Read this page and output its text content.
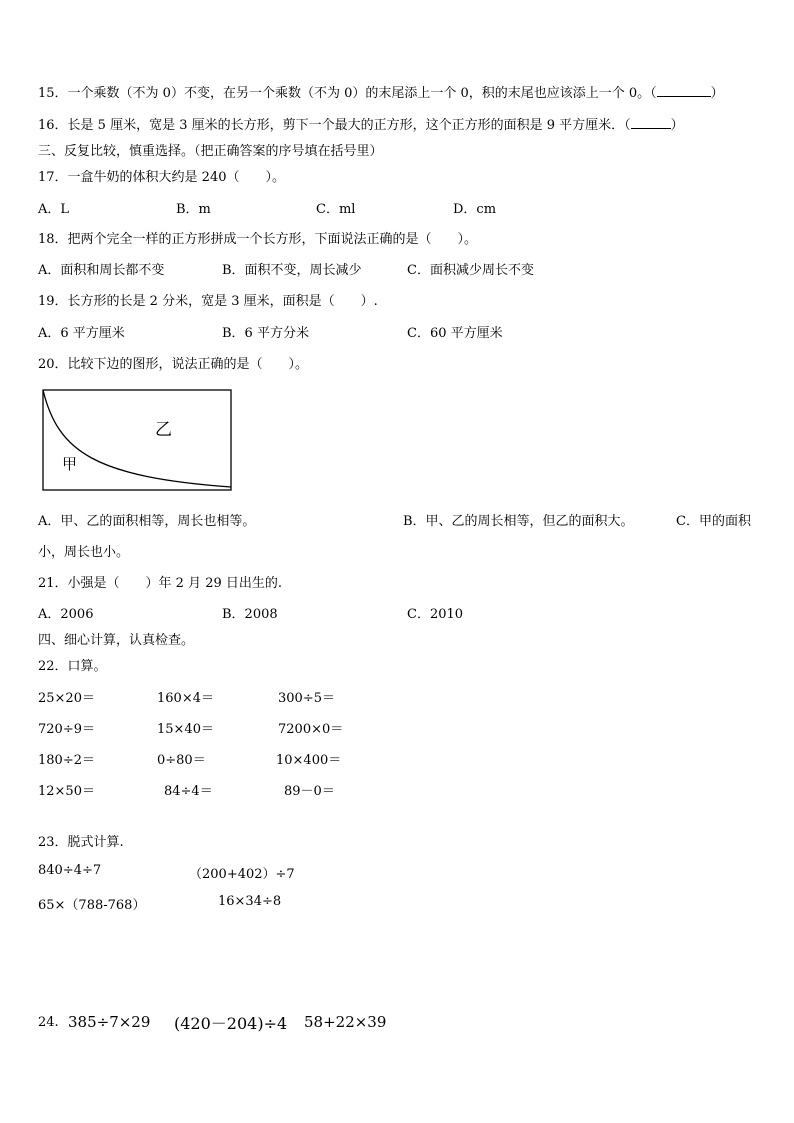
15．一个乘数（不为 0）不变，在另一个乘数（不为 0）的末尾添上一个 0，积的末尾也应该添上一个 0。（	）
16．长是 5 厘米，宽是 3 厘米的长方形，剪下一个最大的正方形，这个正方形的面积是 9 平方厘米．（	）
三、反复比较，慎重选择。（把正确答案的序号填在括号里）
17．一盒牛奶的体积大约是 240（　　）。
A．L	B．m	C．ml	D．cm
18．把两个完全一样的正方形拼成一个长方形，下面说法正确的是（　　）。
A．面积和周长都不变	B．面积不变，周长减少	C．面积减少周长不变
19．长方形的长是 2 分米，宽是 3 厘米，面积是（　　）.
A．6 平方厘米	B．6 平方分米	C．60 平方厘米
20．比较下边的图形，说法正确的是（　　）。
乙
甲
A．甲、乙的面积相等，周长也相等。	B．甲、乙的周长相等，但乙的面积大。	C．甲的面积
小，周长也小。
21．小强是（　　）年 2 月 29 日出生的.
A．2006	B．2008	C．2010
四、细心计算，认真检查。
22．口算。
25×20＝	160×4＝	300÷5＝
720÷9＝	15×40＝	7200×0＝
180÷2＝	0÷80＝	10×400＝
12×50＝	84÷4＝	89－0＝
23．脱式计算.
840÷4÷7	（200+402）÷7
65×（788-768）	16×34÷8
24. 385÷7×29 (420－204)÷4 58+22×39
